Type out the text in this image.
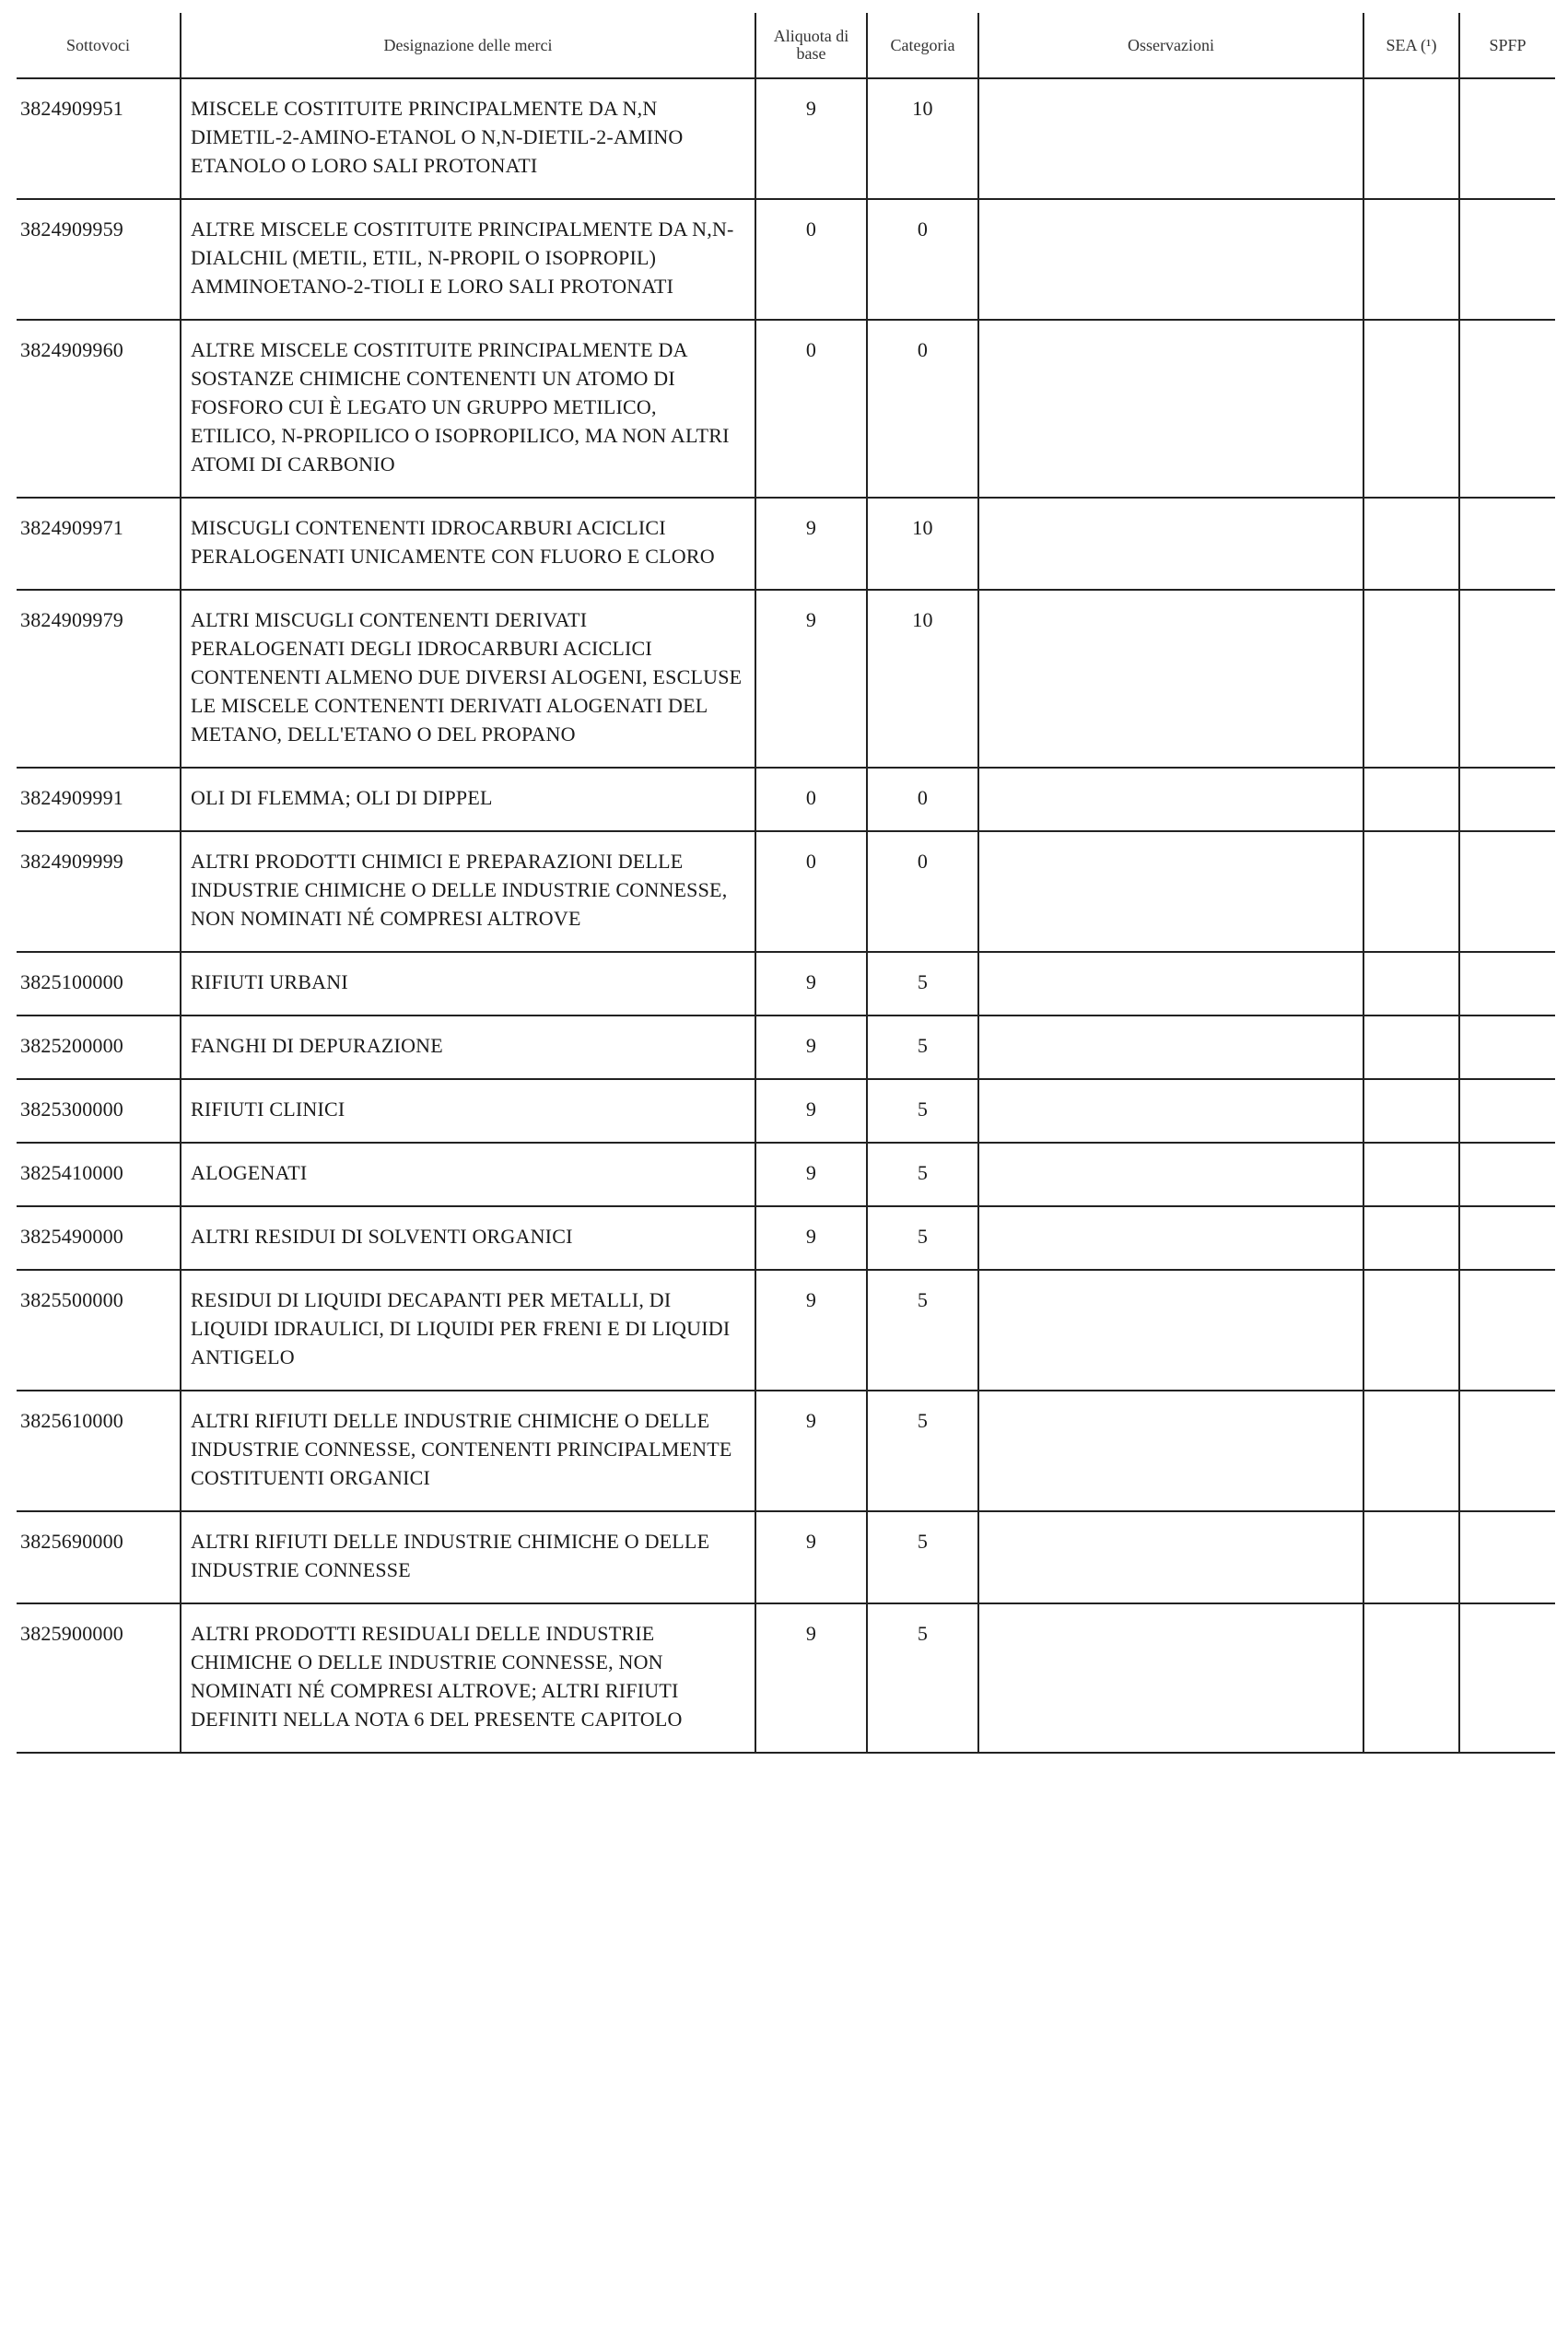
Sottovoci	Designazione delle merci	Aliquota di base	Categoria	Osservazioni	SEA (¹)	SPFP
3824909951	MISCELE COSTITUITE PRINCIPALMENTE DA N,N DIMETIL-2-AMINO-ETANOL O N,N-DIETIL-2-AMINO ETANOLO O LORO SALI PROTONATI	9	10			
3824909959	ALTRE MISCELE COSTITUITE PRINCIPALMENTE DA N,N-DIALCHIL (METIL, ETIL, N-PROPIL O ISOPROPIL) AMMINOETANO-2-TIOLI E LORO SALI PROTONATI	0	0			
3824909960	ALTRE MISCELE COSTITUITE PRINCIPALMENTE DA SOSTANZE CHIMICHE CONTENENTI UN ATOMO DI FOSFORO CUI È LEGATO UN GRUPPO METILICO, ETILICO, N-PROPILICO O ISOPROPILICO, MA NON ALTRI ATOMI DI CARBONIO	0	0			
3824909971	MISCUGLI CONTENENTI IDROCARBURI ACICLICI PERALOGENATI UNICAMENTE CON FLUORO E CLORO	9	10			
3824909979	ALTRI MISCUGLI CONTENENTI DERIVATI PERALOGENATI DEGLI IDROCARBURI ACICLICI CONTENENTI ALMENO DUE DIVERSI ALOGENI, ESCLUSE LE MISCELE CONTENENTI DERIVATI ALOGENATI DEL METANO, DELL'ETANO O DEL PROPANO	9	10			
3824909991	OLI DI FLEMMA; OLI DI DIPPEL	0	0			
3824909999	ALTRI PRODOTTI CHIMICI E PREPARAZIONI DELLE INDUSTRIE CHIMICHE O DELLE INDUSTRIE CONNESSE, NON NOMINATI NÉ COMPRESI ALTROVE	0	0			
3825100000	RIFIUTI URBANI	9	5			
3825200000	FANGHI DI DEPURAZIONE	9	5			
3825300000	RIFIUTI CLINICI	9	5			
3825410000	ALOGENATI	9	5			
3825490000	ALTRI RESIDUI DI SOLVENTI ORGANICI	9	5			
3825500000	RESIDUI DI LIQUIDI DECAPANTI PER METALLI, DI LIQUIDI IDRAULICI, DI LIQUIDI PER FRENI E DI LIQUIDI ANTIGELO	9	5			
3825610000	ALTRI RIFIUTI DELLE INDUSTRIE CHIMICHE O DELLE INDUSTRIE CONNESSE, CONTENENTI PRINCIPALMENTE COSTITUENTI ORGANICI	9	5			
3825690000	ALTRI RIFIUTI DELLE INDUSTRIE CHIMICHE O DELLE INDUSTRIE CONNESSE	9	5			
3825900000	ALTRI PRODOTTI RESIDUALI DELLE INDUSTRIE CHIMICHE O DELLE INDUSTRIE CONNESSE, NON NOMINATI NÉ COMPRESI ALTROVE; ALTRI RIFIUTI DEFINITI NELLA NOTA 6 DEL PRESENTE CAPITOLO	9	5			
